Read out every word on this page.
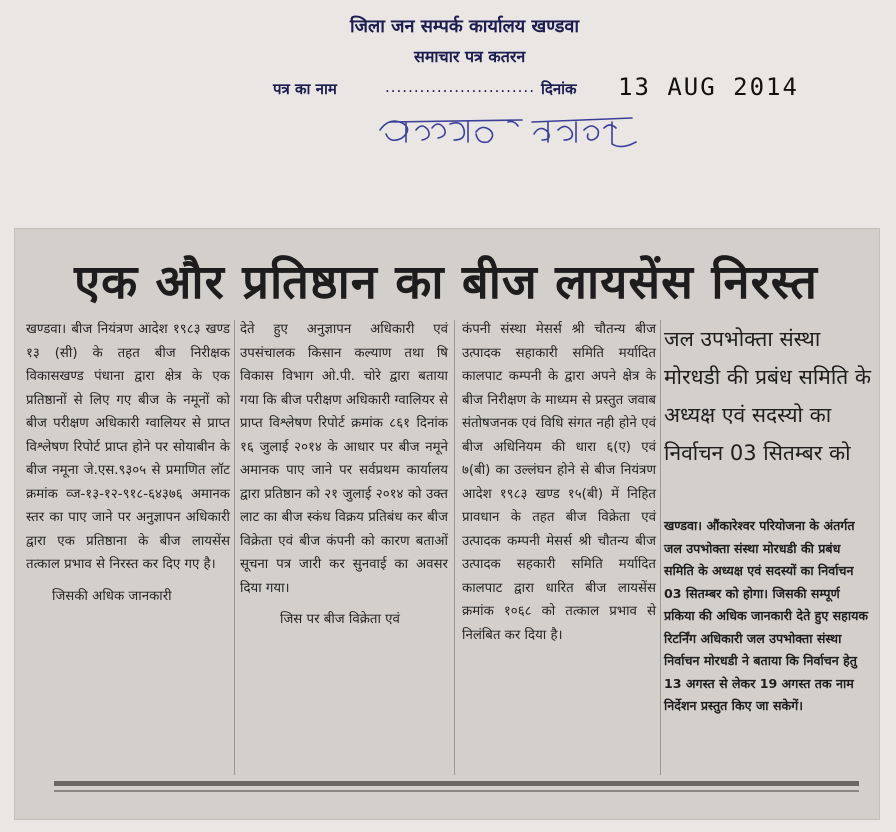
जिला जन सम्पर्क कार्यालय खण्डवा
समाचार पत्र कतरन
पत्र का नाम	.......................... दिनांक 13 AUG 2014
एक और प्रतिष्ठान का बीज लायसेंस निरस्त

खण्डवा। बीज नियंत्रण आदेश १९८३ खण्ड १३ (सी) के तहत बीज निरीक्षक विकासखण्ड पंधाना द्वारा क्षेत्र के एक प्रतिष्ठानों से लिए गए बीज के नमूनों को बीज परीक्षण अधिकारी ग्वालियर से प्राप्त विश्लेषण रिपोर्ट प्राप्त होने पर सोयाबीन के बीज नमूना जे.एस.९३०५ से प्रमाणित लॉट क्रमांक व्ज-१३-१२-९१८-६४३७६ अमानक स्तर का पाए जाने पर अनुज्ञापन अधिकारी द्वारा एक प्रतिष्ठाना के बीज लायसेंस तत्काल प्रभाव से निरस्त कर दिए गए है।

जिसकी अधिक जानकारी

देते हुए अनुज्ञापन अधिकारी एवं उपसंचालक किसान कल्याण तथा षि विकास विभाग ओ.पी. चोरे द्वारा बताया गया कि बीज परीक्षण अधिकारी ग्वालियर से प्राप्त विश्लेषण रिपोर्ट क्रमांक ८६१ दिनांक १६ जुलाई २०१४ के आधार पर बीज नमूने अमानक पाए जाने पर सर्वप्रथम कार्यालय द्वारा प्रतिष्ठान को २१ जुलाई २०१४ को उक्त लाट का बीज स्कंध विक्रय प्रतिबंध कर बीज विक्रेता एवं बीज कंपनी को कारण बताओं सूचना पत्र जारी कर सुनवाई का अवसर दिया गया।

जिस पर बीज विक्रेता एवं

कंपनी संस्था मेसर्स श्री चौतन्य बीज उत्पादक सहाकारी समिति मर्यादित कालपाट कम्पनी के द्वारा अपने क्षेत्र के बीज निरीक्षण के माध्यम से प्रस्तुत जवाब संतोषजनक एवं विधि संगत नही होने एवं बीज अधिनियम की धारा ६(ए) एवं ७(बी) का उल्लंघन होने से बीज नियंत्रण आदेश १९८३ खण्ड १५(बी) में निहित प्रावधान के तहत बीज विक्रेता एवं उत्पादक कम्पनी मेसर्स श्री चौतन्य बीज उत्पादक सहकारी समिति मर्यादित कालपाट द्वारा धारित बीज लायसेंस क्रमांक १०६८ को तत्काल प्रभाव से निलंबित कर दिया है।

जल उपभोक्ता संस्था मोरधडी की प्रबंध समिति के अध्यक्ष एवं सदस्यो का निर्वाचन 03 सितम्बर को
खण्डवा। औंकारेश्वर परियोजना के अंतर्गत जल उपभोक्ता संस्था मोरधडी की प्रबंध समिति के अध्यक्ष एवं सदस्यों का निर्वाचन 03 सितम्बर को होगा। जिसकी सम्पूर्ण प्रकिया की अधिक जानकारी देते हुए सहायक रिटर्निंग अधिकारी जल उपभोक्ता संस्था निर्वाचन मोरधडी ने बताया कि निर्वाचन हेतु 13 अगस्त से लेकर 19 अगस्त तक नाम निर्देशन प्रस्तुत किए जा सकेगें।
